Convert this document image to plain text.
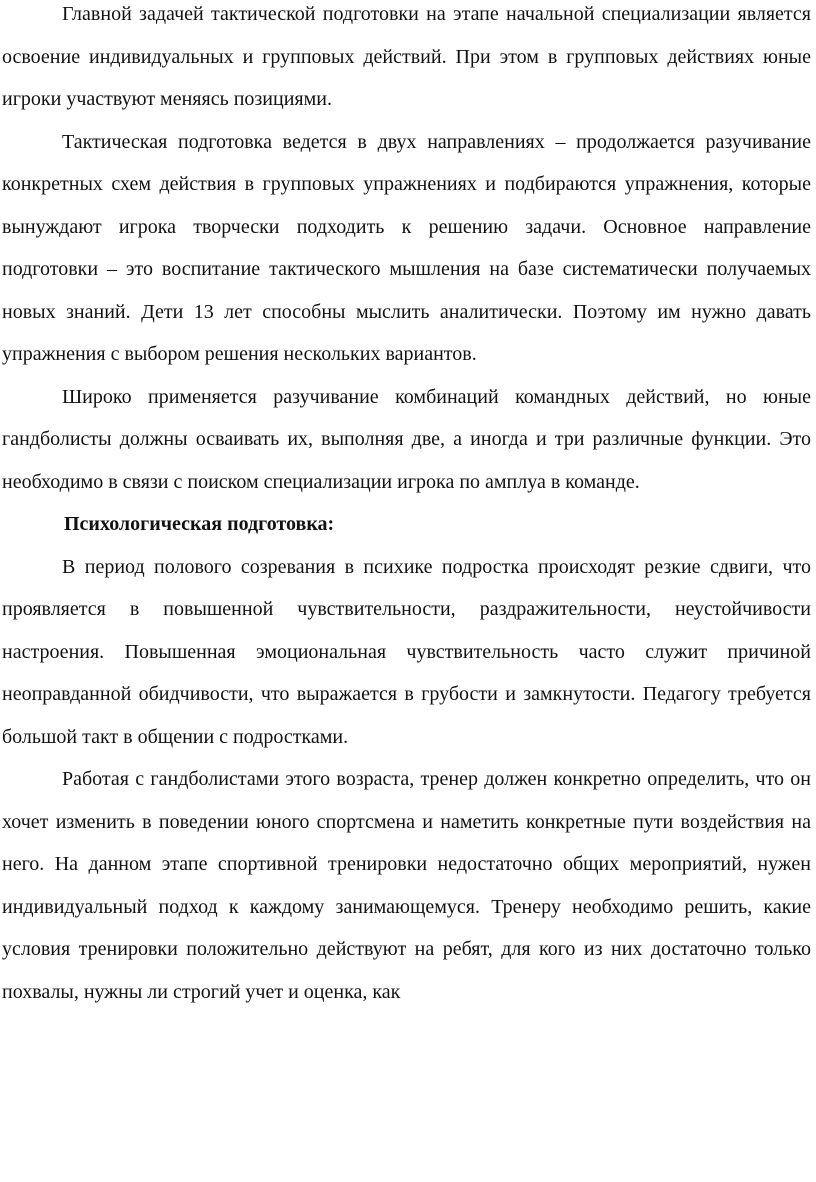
Главной задачей тактической подготовки на этапе начальной специализации является освоение индивидуальных и групповых действий. При этом в групповых действиях юные игроки участвуют меняясь позициями.

Тактическая подготовка ведется в двух направлениях – продолжается разучивание конкретных схем действия в групповых упражнениях и подбираются упражнения, которые вынуждают игрока творчески подходить к решению задачи. Основное направление подготовки – это воспитание тактического мышления на базе систематически получаемых новых знаний. Дети 13 лет способны мыслить аналитически. Поэтому им нужно давать упражнения с выбором решения нескольких вариантов.

Широко применяется разучивание комбинаций командных действий, но юные гандболисты должны осваивать их, выполняя две, а иногда и три различные функции. Это необходимо в связи с поиском специализации игрока по амплуа в команде.

Психологическая подготовка:

В период полового созревания в психике подростка происходят резкие сдвиги, что проявляется в повышенной чувствительности, раздражительности, неустойчивости настроения. Повышенная эмоциональная чувствительность часто служит причиной неоправданной обидчивости, что выражается в грубости и замкнутости. Педагогу требуется большой такт в общении с подростками.

Работая с гандболистами этого возраста, тренер должен конкретно определить, что он хочет изменить в поведении юного спортсмена и наметить конкретные пути воздействия на него. На данном этапе спортивной тренировки недостаточно общих мероприятий, нужен индивидуальный подход к каждому занимающемуся. Тренеру необходимо решить, какие условия тренировки положительно действуют на ребят, для кого из них достаточно только похвалы, нужны ли строгий учет и оценка, как
